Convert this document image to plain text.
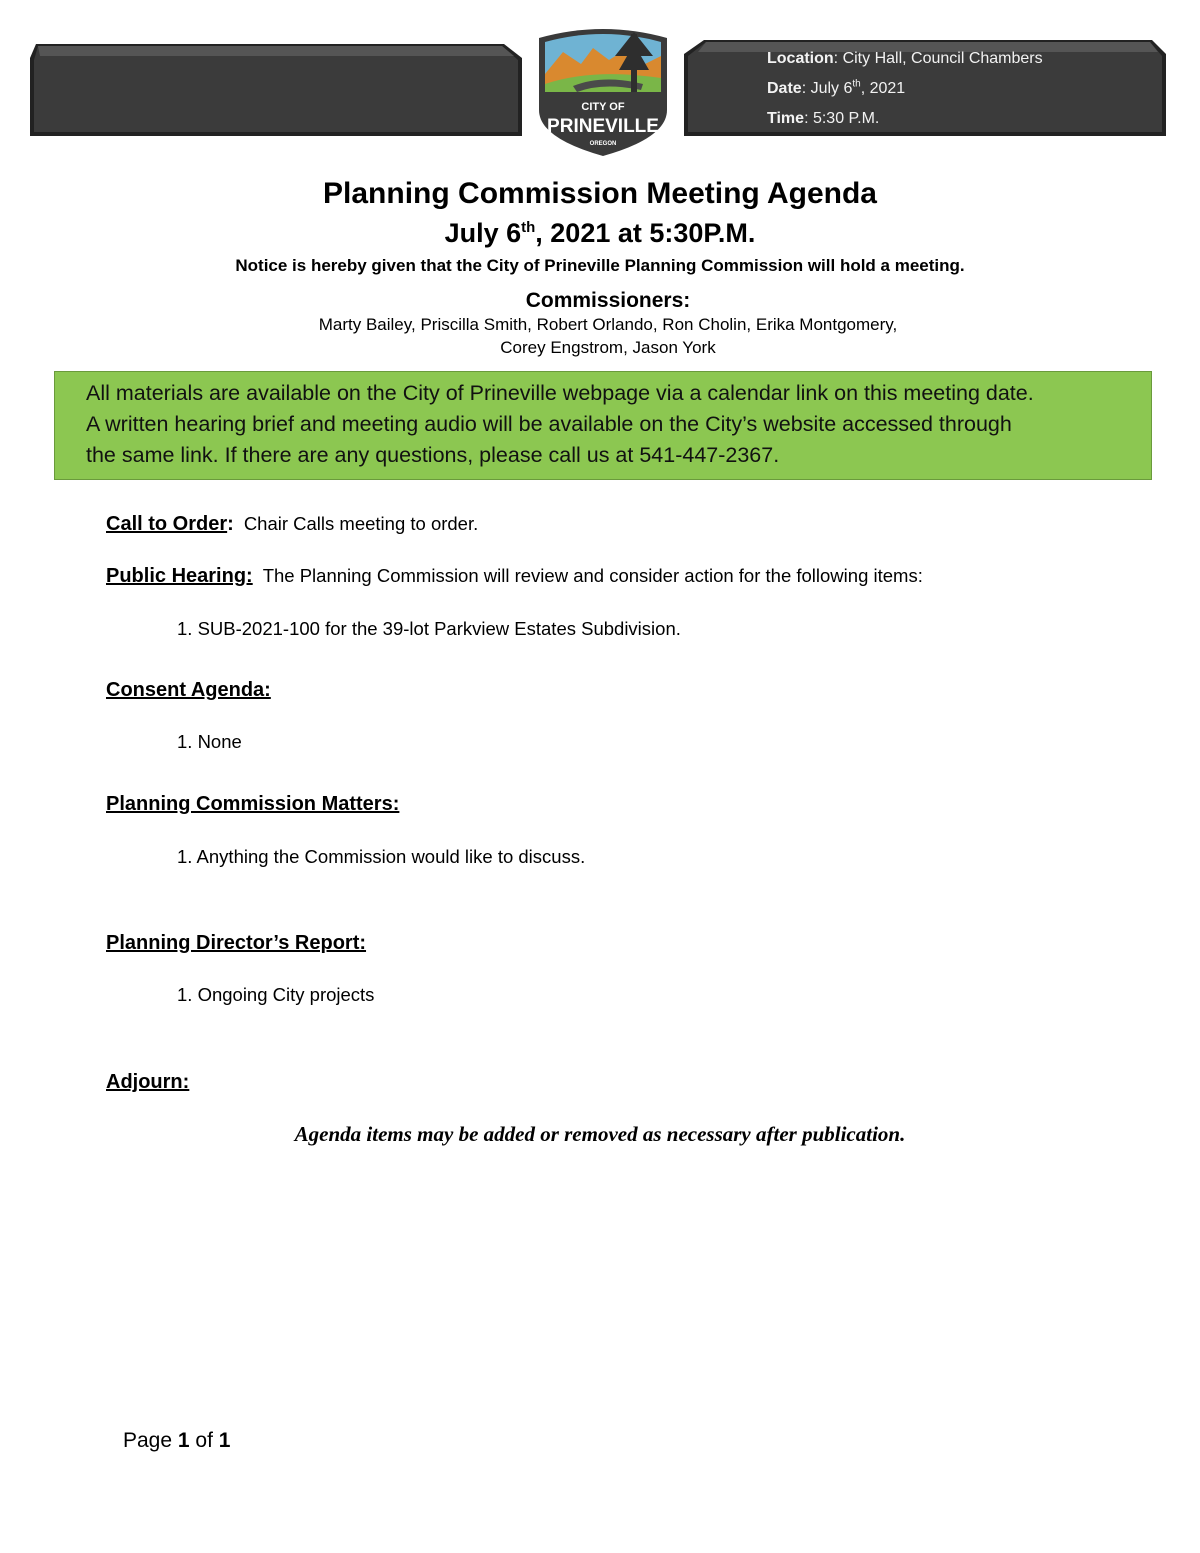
Location: City Hall, Council Chambers
Date: July 6th, 2021
Time: 5:30 P.M.
CITY OF
PRINEVILLE
OREGON
Planning Commission Meeting Agenda
July 6th, 2021 at 5:30P.M.
Notice is hereby given that the City of Prineville Planning Commission will hold a meeting.
Commissioners:
Marty Bailey, Priscilla Smith, Robert Orlando, Ron Cholin, Erika Montgomery,
Corey Engstrom, Jason York
All materials are available on the City of Prineville webpage via a calendar link on this meeting date.
A written hearing brief and meeting audio will be available on the City’s website accessed through
the same link. If there are any questions, please call us at 541-447-2367.
Call to Order: Chair Calls meeting to order.
Public Hearing: The Planning Commission will review and consider action for the following items:
1. SUB-2021-100 for the 39-lot Parkview Estates Subdivision.
Consent Agenda:
1. None
Planning Commission Matters:
1. Anything the Commission would like to discuss.
Planning Director’s Report:
1. Ongoing City projects
Adjourn:
Agenda items may be added or removed as necessary after publication.
Page 1 of 1
